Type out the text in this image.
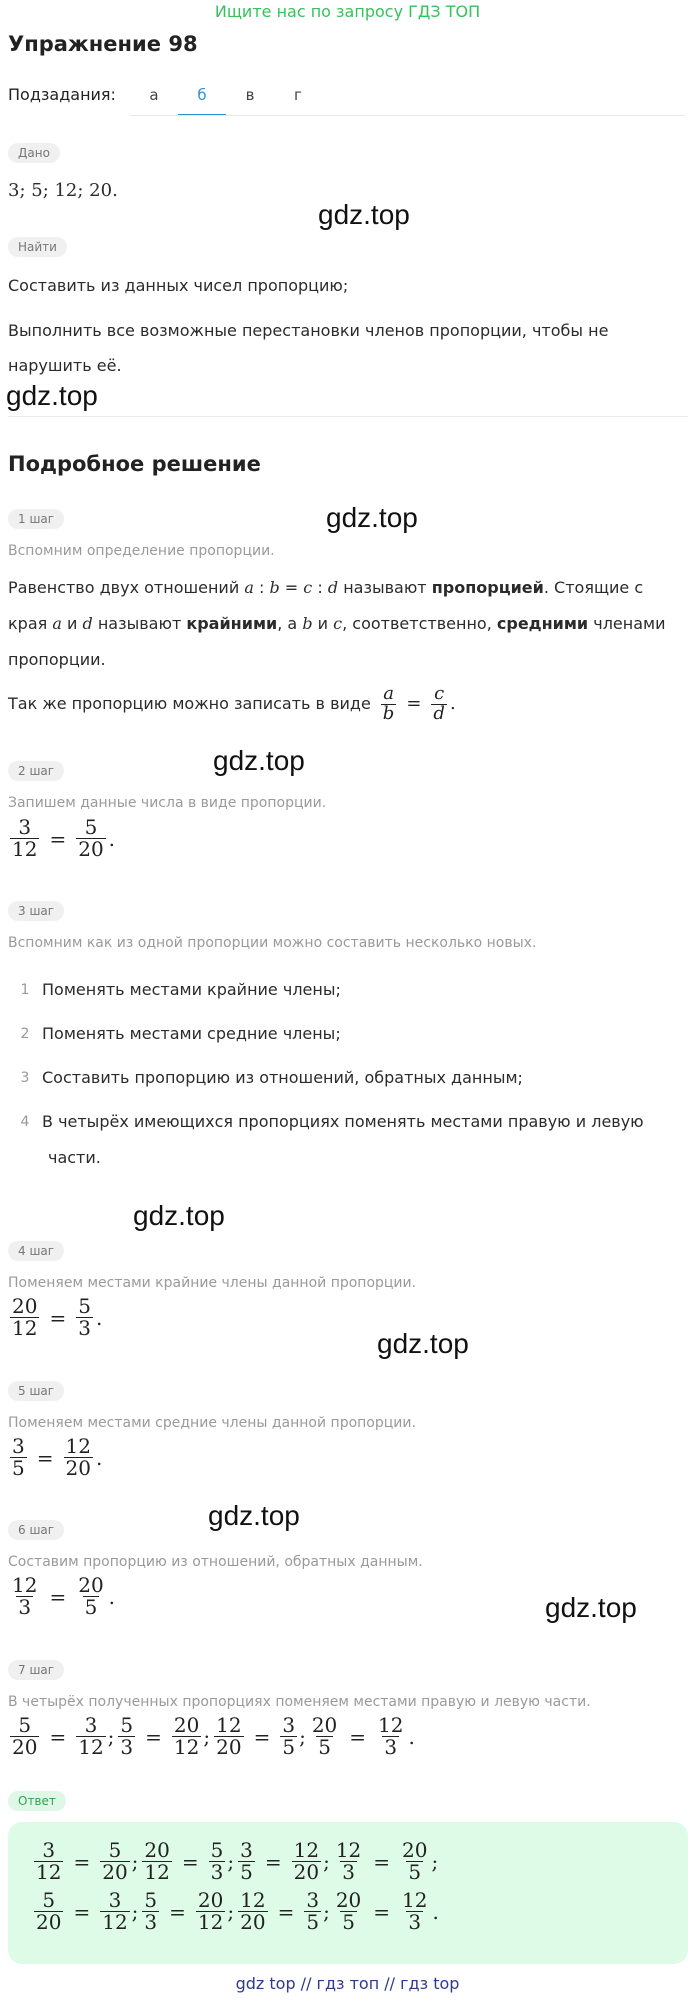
Ищите нас по запросу ГДЗ ТОП
Упражнение 98
Подзадания:	а	б	в	г
Дано
3; 5; 12; 20.
gdz.top
Найти
Составить из данных чисел пропорцию;
Выполнить все возможные перестановки членов пропорции, чтобы не
нарушить её.
gdz.top
Подробное решение
gdz.top
1 шаг
Вспомним определение пропорции.
Равенство двух отношений a : b = c : d называют пропорцией. Стоящие с
края a и d называют крайними, а b и c, соответственно, средними членами
пропорции.
Так же пропорцию можно записать в виде $\frac{a}{b} = \frac{c}{d}$ .
gdz.top
2 шаг
Запишем данные числа в виде пропорции.
$\frac{3}{12} = \frac{5}{20}$ .
3 шаг
Вспомним как из одной пропорции можно составить несколько новых.
1 Поменять местами крайние члены;
2 Поменять местами средние члены;
3 Составить пропорцию из отношений, обратных данным;
4 В четырёх имеющихся пропорциях поменять местами правую и левую
части.
gdz.top
4 шаг
Поменяем местами крайние члены данной пропорции.
$\frac{20}{12} = \frac{5}{3}$ .
gdz.top
5 шаг
Поменяем местами средние члены данной пропорции.
$\frac{3}{5} = \frac{12}{20}$ .
gdz.top
6 шаг
Составим пропорцию из отношений, обратных данным.
$\frac{12}{3} = \frac{20}{5}$ .	gdz.top
7 шаг
В четырёх полученных пропорциях поменяем местами правую и левую части.
$\frac{5}{20} = \frac{3}{12}$ ; $\frac{5}{3} = \frac{20}{12}$ ; $\frac{12}{20} = \frac{3}{5}$ ; $\frac{20}{5} = \frac{12}{3}$ .
Ответ
$\frac{3}{12} = \frac{5}{20}$ ; $\frac{20}{12} = \frac{5}{3}$ ; $\frac{3}{5} = \frac{12}{20}$ ; $\frac{12}{3} = \frac{20}{5}$ ;
$\frac{5}{20} = \frac{3}{12}$ ; $\frac{5}{3} = \frac{20}{12}$ ; $\frac{12}{20} = \frac{3}{5}$ ; $\frac{20}{5} = \frac{12}{3}$ .
gdz top // гдз топ // гдз top
